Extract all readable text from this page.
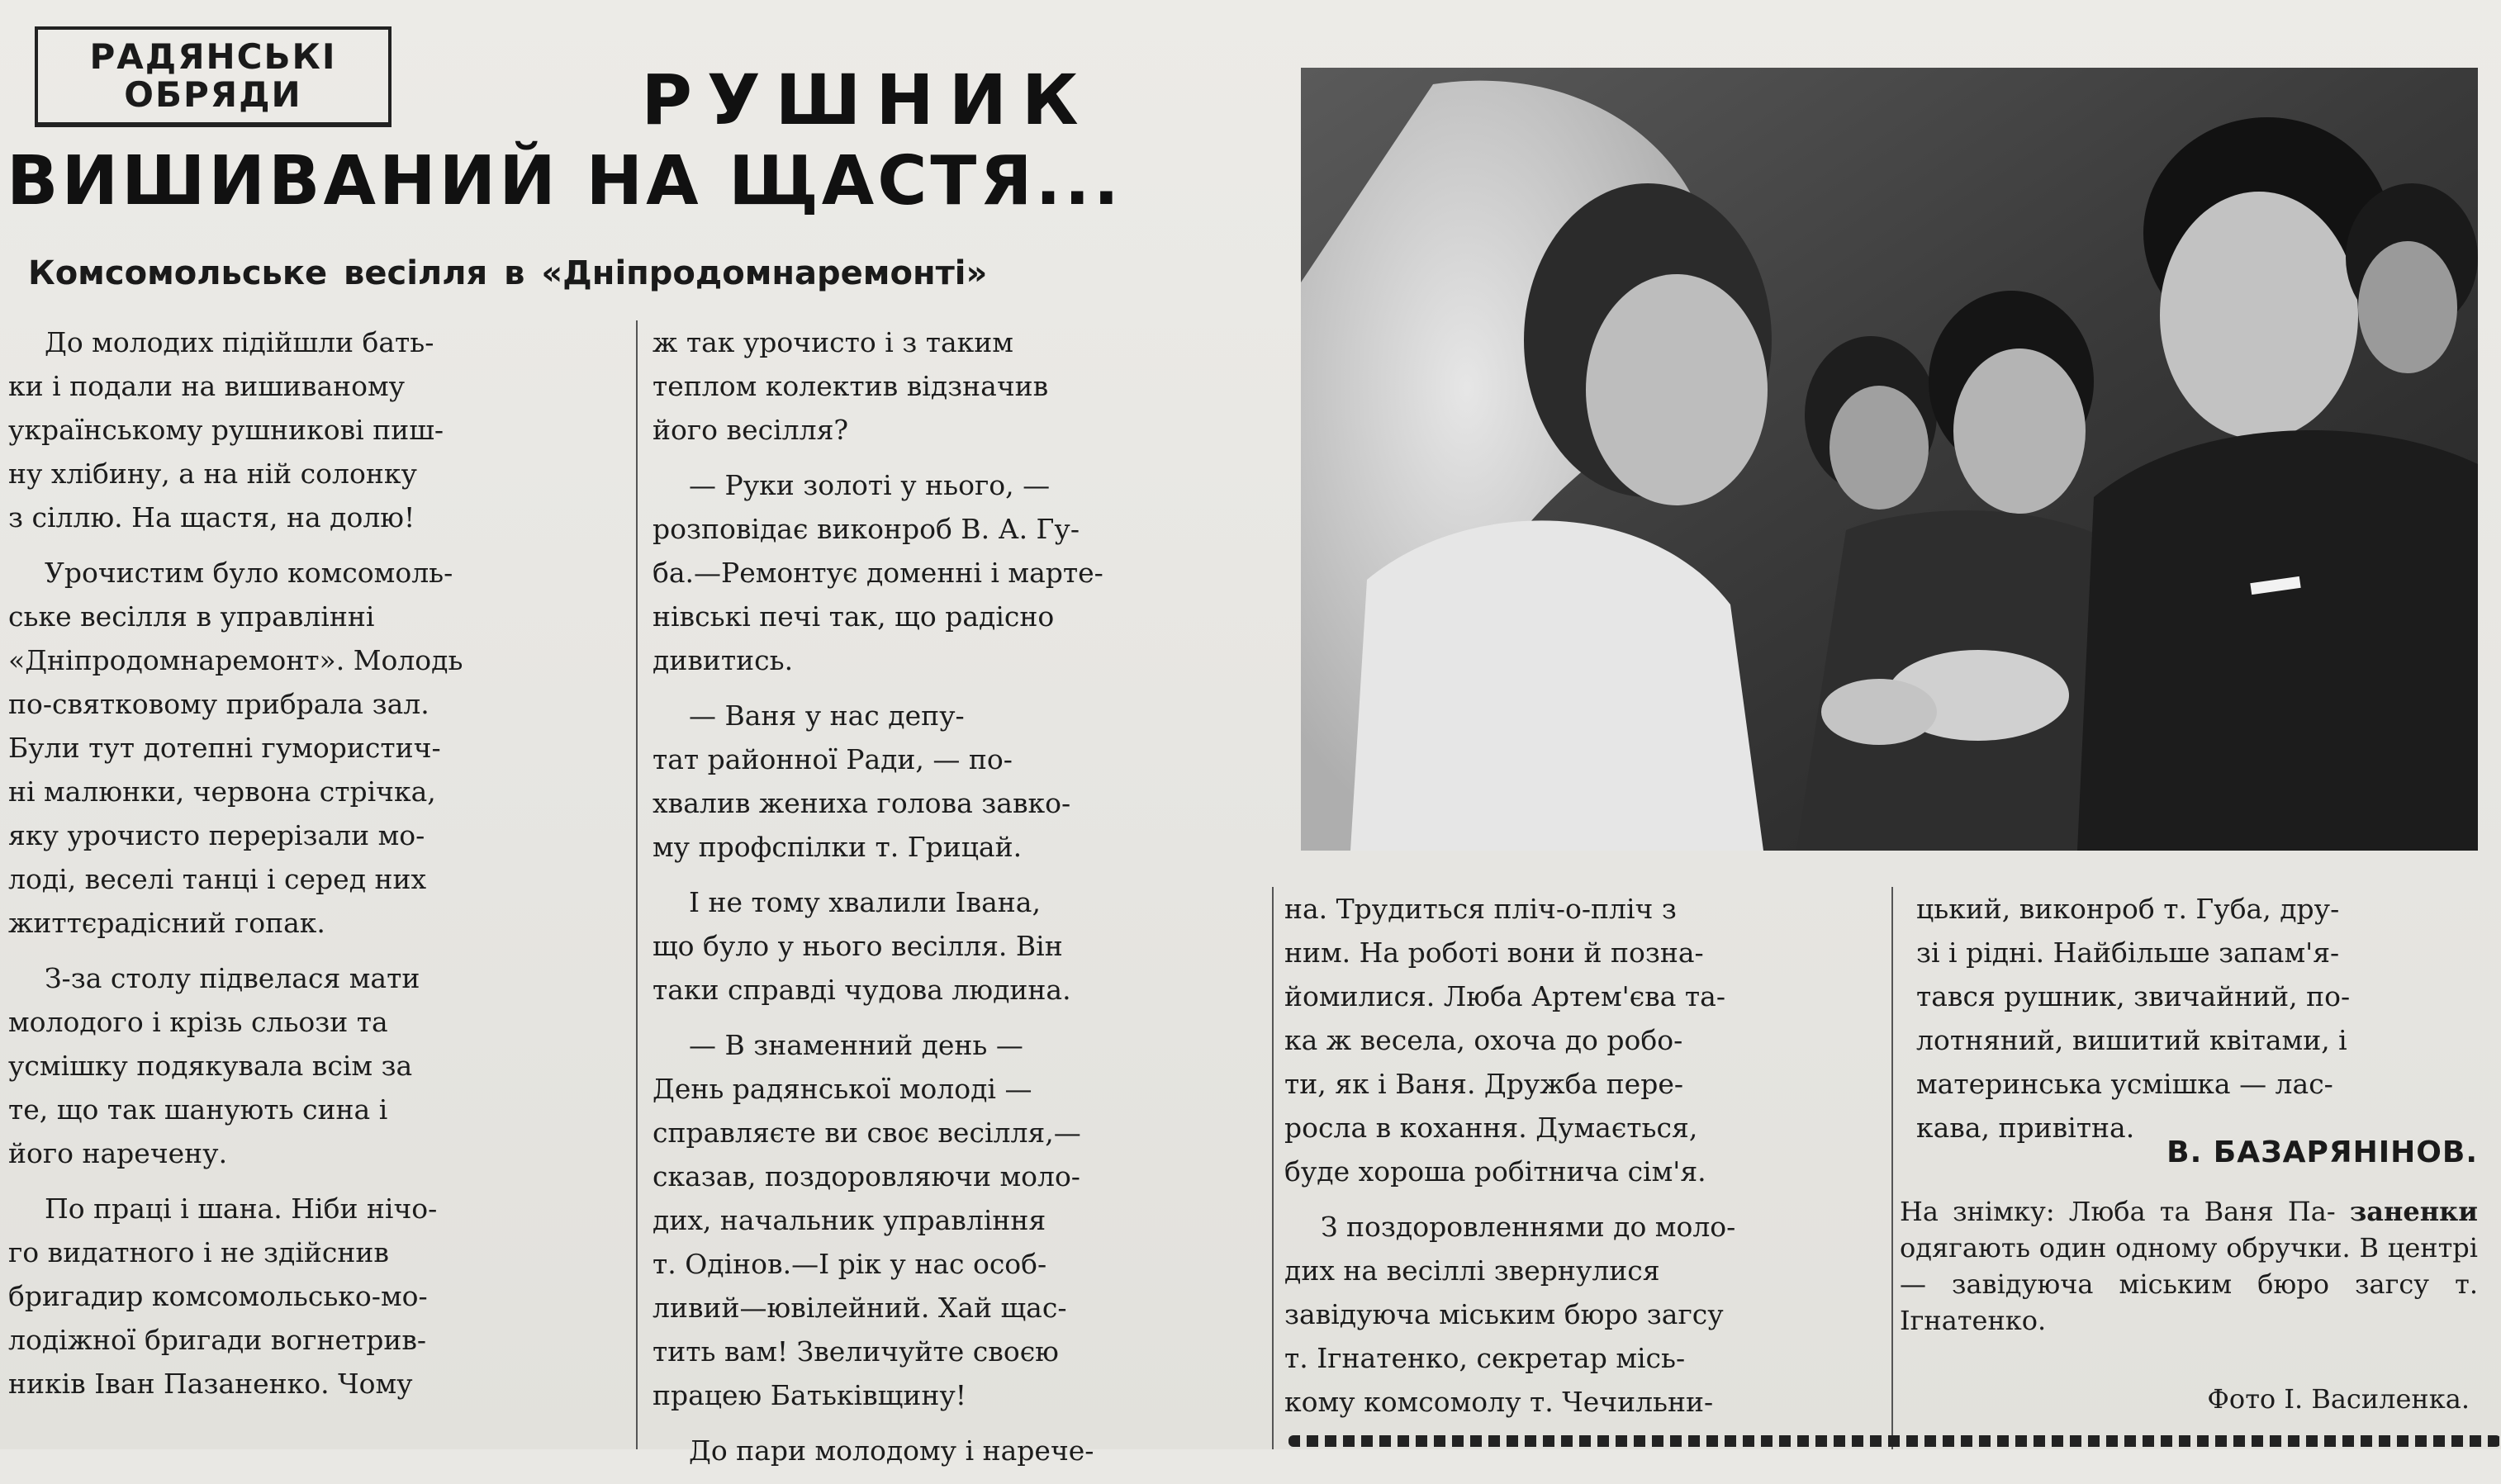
РАДЯНСЬКІ
ОБРЯДИ	РУШНИК
ВИШИВАНИЙ НА ЩАСТЯ...
Комсомольське весілля в «Дніпродомнаремонті»

До молодих підійшли бать-
ки і подали на вишиваному
українському рушникові пиш-
ну хлібину, а на ній солонку
з сіллю. На щастя, на долю!

Урочистим було комсомоль-
ське весілля в управлінні
«Дніпродомнаремонт». Молодь
по-святковому прибрала зал.
Були тут дотепні гумористич-
ні малюнки, червона стрічка,
яку урочисто перерізали мо-
лоді, веселі танці і серед них
життєрадісний гопак.

З-за столу підвелася мати
молодого і крізь сльози та
усмішку подякувала всім за
те, що так шанують сина і
його наречену.

По праці і шана. Ніби нічо-
го видатного і не здійснив
бригадир комсомольсько-мо-
лодіжної бригади вогнетрив-
ників Іван Пазаненко. Чому

ж так урочисто і з таким
теплом колектив відзначив
його весілля?

— Руки золоті у нього, —
розповідає виконроб В. А. Гу-
ба.—Ремонтує доменні і марте-
нівські печі так, що радісно
дивитись.

— Ваня у нас депу-
тат районної Ради, — по-
хвалив жениха голова завко-
му профспілки т. Грицай.

І не тому хвалили Івана,
що було у нього весілля. Він
таки справді чудова людина.

— В знаменний день —
День радянської молоді —
справляєте ви своє весілля,—
сказав, поздоровляючи моло-
дих, начальник управління
т. Одінов.—І рік у нас особ-
ливий—ювілейний. Хай щас-
тить вам! Звеличуйте своєю
працею Батьківщину!

До пари молодому і нарече-

на. Трудиться пліч-о-пліч з
ним. На роботі вони й позна-
йомилися. Люба Артем'єва та-
ка ж весела, охоча до робо-
ти, як і Ваня. Дружба пере-
росла в кохання. Думається,
буде хороша робітнича сім'я.

З поздоровленнями до моло-
дих на весіллі звернулися
завідуюча міським бюро загсу
т. Ігнатенко, секретар місь-
кому комсомолу т. Чечильни-

цький, виконроб т. Губа, дру-
зі і рідні. Найбільше запам'я-
тався рушник, звичайний, по-
лотняний, вишитий квітами, і
материнська усмішка — лас-
кава, привітна.

В. БАЗАРЯНІНОВ.
На знімку: Люба та Ваня Па- заненки одягають один одному обручки. В центрі — завідуюча міським бюро загсу т. Ігнатенко.
Фото І. Василенка.
